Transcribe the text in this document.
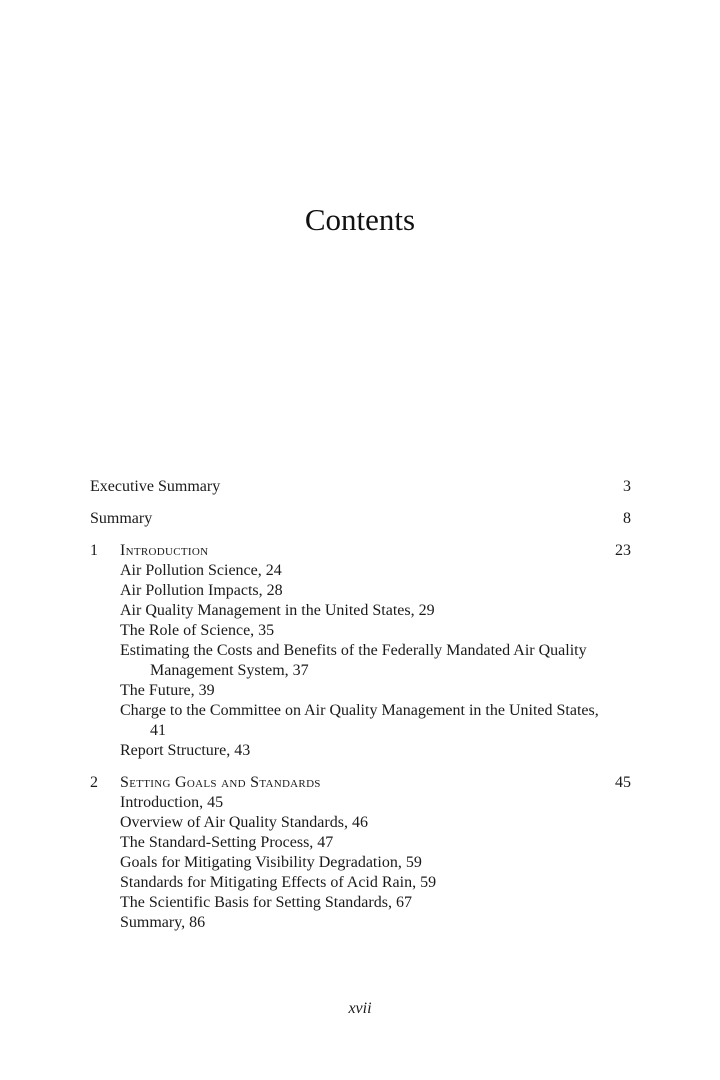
Contents
Executive Summary	3
Summary	8
1 Introduction	23
Air Pollution Science, 24
Air Pollution Impacts, 28
Air Quality Management in the United States, 29
The Role of Science, 35
Estimating the Costs and Benefits of the Federally Mandated Air Quality Management System, 37
The Future, 39
Charge to the Committee on Air Quality Management in the United States, 41
Report Structure, 43
2 Setting Goals and Standards	45
Introduction, 45
Overview of Air Quality Standards, 46
The Standard-Setting Process, 47
Goals for Mitigating Visibility Degradation, 59
Standards for Mitigating Effects of Acid Rain, 59
The Scientific Basis for Setting Standards, 67
Summary, 86
xvii
